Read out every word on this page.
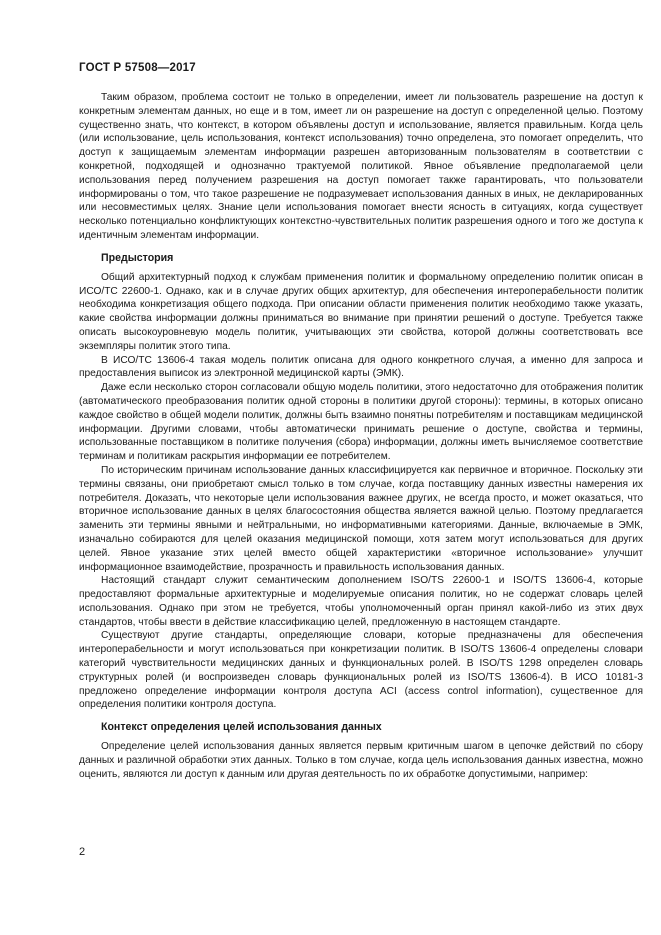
ГОСТ Р 57508—2017

Таким образом, проблема состоит не только в определении, имеет ли пользователь разрешение на доступ к конкретным элементам данных, но еще и в том, имеет ли он разрешение на доступ с определенной целью. Поэтому существенно знать, что контекст, в котором объявлены доступ и использование, является правильным. Когда цель (или использование, цель использования, контекст использования) точно определена, это помогает определить, что доступ к защищаемым элементам информации разрешен авторизованным пользователям в соответствии с конкретной, подходящей и однозначно трактуемой политикой. Явное объявление предполагаемой цели использования перед получением разрешения на доступ помогает также гарантировать, что пользователи информированы о том, что такое разрешение не подразумевает использования данных в иных, не декларированных или несовместимых целях. Знание цели использования помогает внести ясность в ситуациях, когда существует несколько потенциально конфликтующих контекстно-чувствительных политик разрешения одного и того же доступа к идентичным элементам информации.

Предыстория

Общий архитектурный подход к службам применения политик и формальному определению политик описан в ИСО/ТС 22600-1. Однако, как и в случае других общих архитектур, для обеспечения интероперабельности политик необходима конкретизация общего подхода. При описании области применения политик необходимо также указать, какие свойства информации должны приниматься во внимание при принятии решений о доступе. Требуется также описать высокоуровневую модель политик, учитывающих эти свойства, которой должны соответствовать все экземпляры политик этого типа.

В ИСО/ТС 13606-4 такая модель политик описана для одного конкретного случая, а именно для запроса и предоставления выписок из электронной медицинской карты (ЭМК).

Даже если несколько сторон согласовали общую модель политики, этого недостаточно для отображения политик (автоматического преобразования политик одной стороны в политики другой стороны): термины, в которых описано каждое свойство в общей модели политик, должны быть взаимно понятны потребителям и поставщикам медицинской информации. Другими словами, чтобы автоматически принимать решение о доступе, свойства и термины, использованные поставщиком в политике получения (сбора) информации, должны иметь вычисляемое соответствие терминам и политикам раскрытия информации ее потребителем.

По историческим причинам использование данных классифицируется как первичное и вторичное. Поскольку эти термины связаны, они приобретают смысл только в том случае, когда поставщику данных известны намерения их потребителя. Доказать, что некоторые цели использования важнее других, не всегда просто, и может оказаться, что вторичное использование данных в целях благосостояния общества является важной целью. Поэтому предлагается заменить эти термины явными и нейтральными, но информативными категориями. Данные, включаемые в ЭМК, изначально собираются для целей оказания медицинской помощи, хотя затем могут использоваться для других целей. Явное указание этих целей вместо общей характеристики «вторичное использование» улучшит информационное взаимодействие, прозрачность и правильность использования данных.

Настоящий стандарт служит семантическим дополнением ISO/TS 22600-1 и ISO/TS 13606-4, которые предоставляют формальные архитектурные и моделируемые описания политик, но не содержат словарь целей использования. Однако при этом не требуется, чтобы уполномоченный орган принял какой-либо из этих двух стандартов, чтобы ввести в действие классификацию целей, предложенную в настоящем стандарте.

Существуют другие стандарты, определяющие словари, которые предназначены для обеспечения интероперабельности и могут использоваться при конкретизации политик. В ISO/TS 13606-4 определены словари категорий чувствительности медицинских данных и функциональных ролей. В ISO/TS 1298 определен словарь структурных ролей (и воспроизведен словарь функциональных ролей из ISO/TS 13606-4). В ИСО 10181-3 предложено определение информации контроля доступа ACI (access control information), существенное для определения политики контроля доступа.

Контекст определения целей использования данных

Определение целей использования данных является первым критичным шагом в цепочке действий по сбору данных и различной обработки этих данных. Только в том случае, когда цель использования данных известна, можно оценить, являются ли доступ к данным или другая деятельность по их обработке допустимыми, например:

2
